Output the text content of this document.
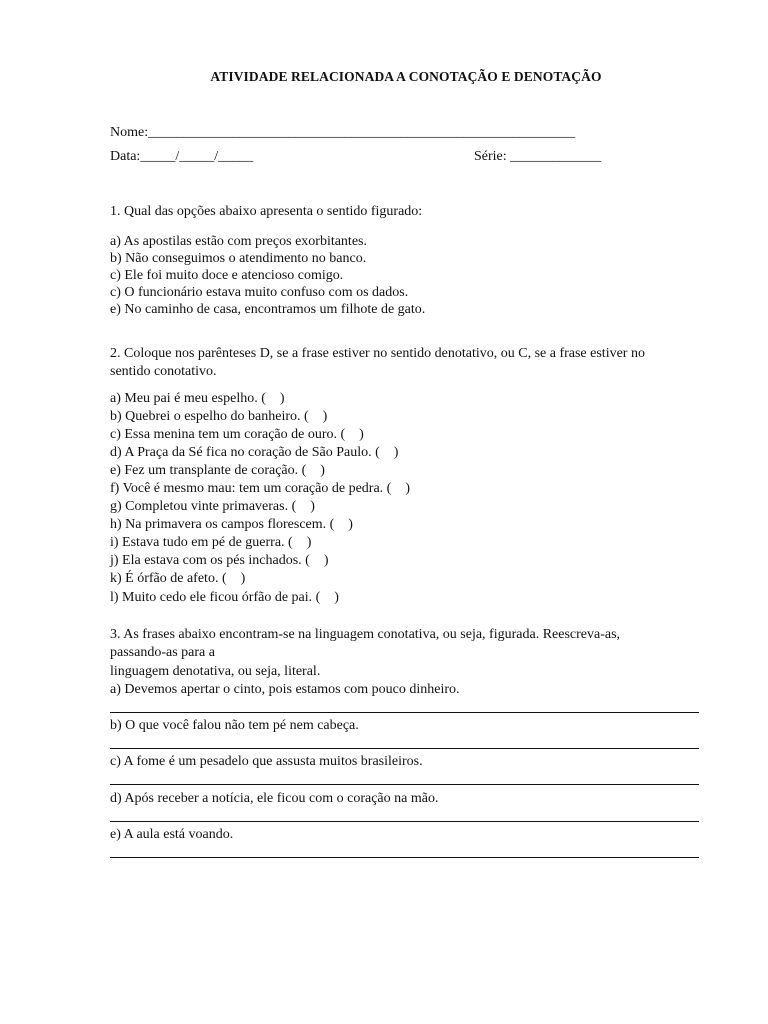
ATIVIDADE RELACIONADA A CONOTAÇÃO E DENOTAÇÃO
Nome:_____________________________________________________________
Data:_____/_____/_____	Série: _____________
1. Qual das opções abaixo apresenta o sentido figurado:
a) As apostilas estão com preços exorbitantes.
b) Não conseguimos o atendimento no banco.
c) Ele foi muito doce e atencioso comigo.
c) O funcionário estava muito confuso com os dados.
e) No caminho de casa, encontramos um filhote de gato.
2. Coloque nos parênteses D, se a frase estiver no sentido denotativo, ou C, se a frase estiver no
sentido conotativo.
a) Meu pai é meu espelho. (    )
b) Quebrei o espelho do banheiro. (    )
c) Essa menina tem um coração de ouro. (    )
d) A Praça da Sé fica no coração de São Paulo. (    )
e) Fez um transplante de coração. (    )
f) Você é mesmo mau: tem um coração de pedra. (    )
g) Completou vinte primaveras. (    )
h) Na primavera os campos florescem. (    )
i) Estava tudo em pé de guerra. (    )
j) Ela estava com os pés inchados. (    )
k) É órfão de afeto. (    )
l) Muito cedo ele ficou órfão de pai. (    )
3. As frases abaixo encontram-se na linguagem conotativa, ou seja, figurada. Reescreva-as,
passando-as para a
linguagem denotativa, ou seja, literal.
a) Devemos apertar o cinto, pois estamos com pouco dinheiro.
b) O que você falou não tem pé nem cabeça.
c) A fome é um pesadelo que assusta muitos brasileiros.
d) Após receber a notícia, ele ficou com o coração na mão.
e) A aula está voando.
